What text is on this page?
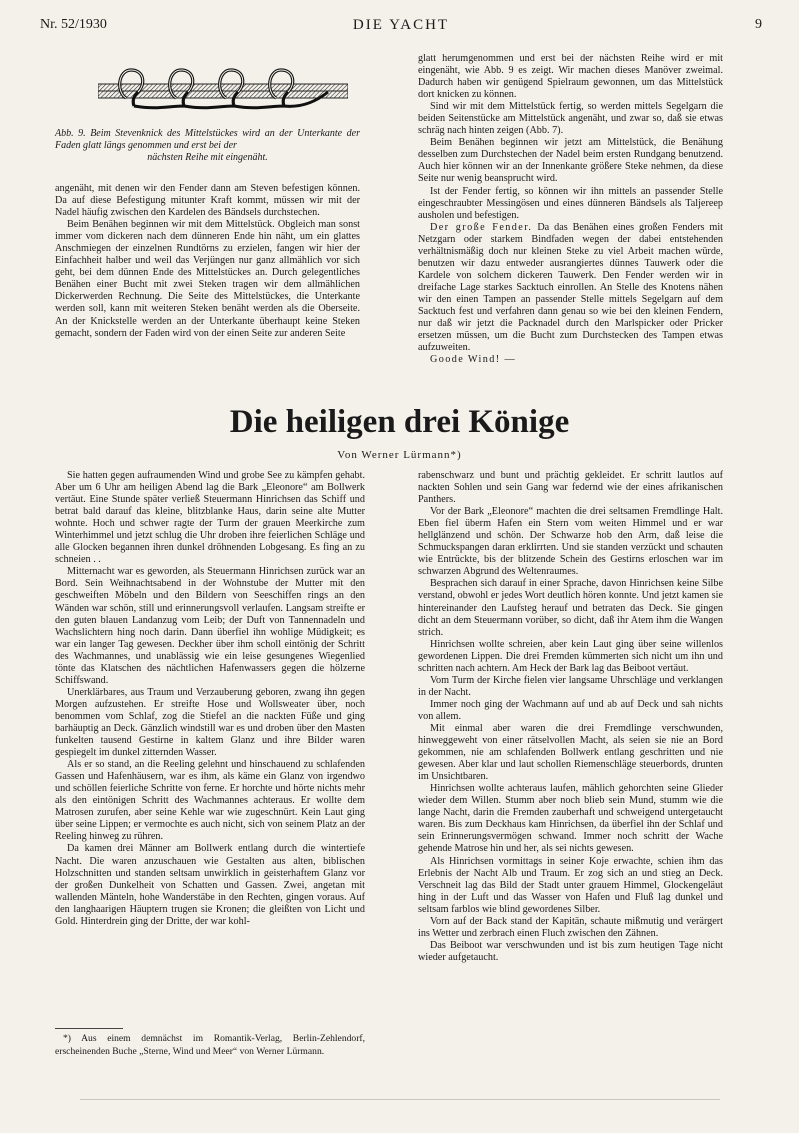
Nr. 52/1930	DIE YACHT	9
Abb. 9. Beim Stevenknick des Mittelstückes wird an der Unterkante der Faden glatt längs genommen und erst bei der
nächsten Reihe mit eingenäht.

angenäht, mit denen wir den Fender dann am Steven befestigen können. Da auf diese Befestigung mitunter Kraft kommt, müssen wir mit der Nadel häufig zwischen den Kardelen des Bändsels durchstechen.

Beim Benähen beginnen wir mit dem Mittelstück. Obgleich man sonst immer vom dickeren nach dem dünneren Ende hin näht, um ein glattes Anschmiegen der einzelnen Rundtörns zu erzielen, fangen wir hier der Einfachheit halber und weil das Verjüngen nur ganz allmählich vor sich geht, bei dem dünnen Ende des Mittelstückes an. Durch gelegentliches Benähen einer Bucht mit zwei Steken tragen wir dem allmählichen Dickerwerden Rechnung. Die Seite des Mittelstückes, die Unterkante werden soll, kann mit weiteren Steken benäht werden als die Oberseite. An der Knickstelle werden an der Unterkante überhaupt keine Steken gemacht, sondern der Faden wird von der einen Seite zur anderen Seite

glatt herumgenommen und erst bei der nächsten Reihe wird er mit eingenäht, wie Abb. 9 es zeigt. Wir machen dieses Manöver zweimal. Dadurch haben wir genügend Spielraum gewonnen, um das Mittelstück dort knicken zu können.

Sind wir mit dem Mittelstück fertig, so werden mittels Segelgarn die beiden Seitenstücke am Mittelstück angenäht, und zwar so, daß sie etwas schräg nach hinten zeigen (Abb. 7).

Beim Benähen beginnen wir jetzt am Mittelstück, die Benähung desselben zum Durchstechen der Nadel beim ersten Rundgang benutzend. Auch hier können wir an der Innenkante größere Steke nehmen, da diese Seite nur wenig beansprucht wird.

Ist der Fender fertig, so können wir ihn mittels an passender Stelle eingeschraubter Messingösen und eines dünneren Bändsels als Taljereep ausholen und befestigen.

Der große Fender. Da das Benähen eines großen Fenders mit Netzgarn oder starkem Bindfaden wegen der dabei entstehenden verhältnismäßig doch nur kleinen Steke zu viel Arbeit machen würde, benutzen wir dazu entweder ausrangiertes dünnes Tauwerk oder die Kardele von solchem dickeren Tauwerk. Den Fender werden wir in dreifache Lage starkes Sacktuch einrollen. An Stelle des Knotens nähen wir den einen Tampen an passender Stelle mittels Segelgarn auf dem Sacktuch fest und verfahren dann genau so wie bei den kleinen Fendern, nur daß wir jetzt die Packnadel durch den Marlspicker oder Pricker ersetzen müssen, um die Bucht zum Durchstecken des Tampen etwas aufzuweiten.

Goode Wind! —

Die heiligen drei Könige
Von Werner Lürmann*)

Sie hatten gegen aufraumenden Wind und grobe See zu kämpfen gehabt. Aber um 6 Uhr am heiligen Abend lag die Bark „Eleonore“ am Bollwerk vertäut. Eine Stunde später verließ Steuermann Hinrichsen das Schiff und betrat bald darauf das kleine, blitzblanke Haus, darin seine alte Mutter wohnte. Hoch und schwer ragte der Turm der grauen Meerkirche zum Winterhimmel und jetzt schlug die Uhr droben ihre feierlichen Schläge und alle Glocken begannen ihren dunkel dröhnenden Lobgesang. Es fing an zu schneien . .

Mitternacht war es geworden, als Steuermann Hinrichsen zurück war an Bord. Sein Weihnachtsabend in der Wohnstube der Mutter mit den geschweiften Möbeln und den Bildern von Seeschiffen rings an den Wänden war schön, still und erinnerungsvoll verlaufen. Langsam streifte er den guten blauen Landanzug vom Leib; der Duft von Tannennadeln und Wachslichtern hing noch darin. Dann überfiel ihn wohlige Müdigkeit; es war ein langer Tag gewesen. Deckher über ihm scholl eintönig der Schritt des Wachmannes, und unablässig wie ein leise gesungenes Wiegenlied tönte das Klatschen des nächtlichen Hafenwassers gegen die hölzerne Schiffswand.

Unerklärbares, aus Traum und Verzauberung geboren, zwang ihn gegen Morgen aufzustehen. Er streifte Hose und Wollsweater über, noch benommen vom Schlaf, zog die Stiefel an die nackten Füße und ging barhäuptig an Deck. Gänzlich windstill war es und droben über den Masten funkelten tausend Gestirne in kaltem Glanz und ihre Bilder waren gespiegelt im dunkel zitternden Wasser.

Als er so stand, an die Reeling gelehnt und hinschauend zu schlafenden Gassen und Hafenhäusern, war es ihm, als käme ein Glanz von irgendwo und schöllen feierliche Schritte von ferne. Er horchte und hörte nichts mehr als den eintönigen Schritt des Wachmannes achteraus. Er wollte dem Matrosen zurufen, aber seine Kehle war wie zugeschnürt. Kein Laut ging über seine Lippen; er vermochte es auch nicht, sich von seinem Platz an der Reeling hinweg zu rühren.

Da kamen drei Männer am Bollwerk entlang durch die wintertiefe Nacht. Die waren anzuschauen wie Gestalten aus alten, biblischen Holzschnitten und standen seltsam unwirklich in geisterhaftem Glanz vor der großen Dunkelheit von Schatten und Gassen. Zwei, angetan mit wallenden Mänteln, hohe Wanderstäbe in den Rechten, gingen voraus. Auf den langhaarigen Häuptern trugen sie Kronen; die gleißten von Licht und Gold. Hinterdrein ging der Dritte, der war kohl-

rabenschwarz und bunt und prächtig gekleidet. Er schritt lautlos auf nackten Sohlen und sein Gang war federnd wie der eines afrikanischen Panthers.

Vor der Bark „Eleonore“ machten die drei seltsamen Fremdlinge Halt. Eben fiel überm Hafen ein Stern vom weiten Himmel und er war hellglänzend und schön. Der Schwarze hob den Arm, daß leise die Schmuckspangen daran erklirrten. Und sie standen verzückt und schauten wie Entrückte, bis der blitzende Schein des Gestirns erloschen war im schwarzen Abgrund des Weltenraumes.

Besprachen sich darauf in einer Sprache, davon Hinrichsen keine Silbe verstand, obwohl er jedes Wort deutlich hören konnte. Und jetzt kamen sie hintereinander den Laufsteg herauf und betraten das Deck. Sie gingen dicht an dem Steuermann vorüber, so dicht, daß ihr Atem ihm die Wangen strich.

Hinrichsen wollte schreien, aber kein Laut ging über seine willenlos gewordenen Lippen. Die drei Fremden kümmerten sich nicht um ihn und schritten nach achtern. Am Heck der Bark lag das Beiboot vertäut.

Vom Turm der Kirche fielen vier langsame Uhrschläge und verklangen in der Nacht.

Immer noch ging der Wachmann auf und ab auf Deck und sah nichts von allem.

Mit einmal aber waren die drei Fremdlinge verschwunden, hinweggeweht von einer rätselvollen Macht, als seien sie nie an Bord gekommen, nie am schlafenden Bollwerk entlang geschritten und nie gewesen. Aber klar und laut schollen Riemenschläge steuerbords, drunten im Unsichtbaren.

Hinrichsen wollte achteraus laufen, mählich gehorchten seine Glieder wieder dem Willen. Stumm aber noch blieb sein Mund, stumm wie die lange Nacht, darin die Fremden zauberhaft und schweigend untergetaucht waren. Bis zum Deckhaus kam Hinrichsen, da überfiel ihn der Schlaf und sein Erinnerungsvermögen schwand. Immer noch schritt der Wache gehende Matrose hin und her, als sei nichts gewesen.

Als Hinrichsen vormittags in seiner Koje erwachte, schien ihm das Erlebnis der Nacht Alb und Traum. Er zog sich an und stieg an Deck. Verschneit lag das Bild der Stadt unter grauem Himmel, Glockengeläut hing in der Luft und das Wasser von Hafen und Fluß lag dunkel und seltsam farblos wie blind gewordenes Silber.

Vorn auf der Back stand der Kapitän, schaute mißmutig und verärgert ins Wetter und zerbrach einen Fluch zwischen den Zähnen.

Das Beiboot war verschwunden und ist bis zum heutigen Tage nicht wieder aufgetaucht.

*) Aus einem demnächst im Romantik-Verlag, Berlin-Zehlendorf, erscheinenden Buche „Sterne, Wind und Meer“ von Werner Lürmann.
